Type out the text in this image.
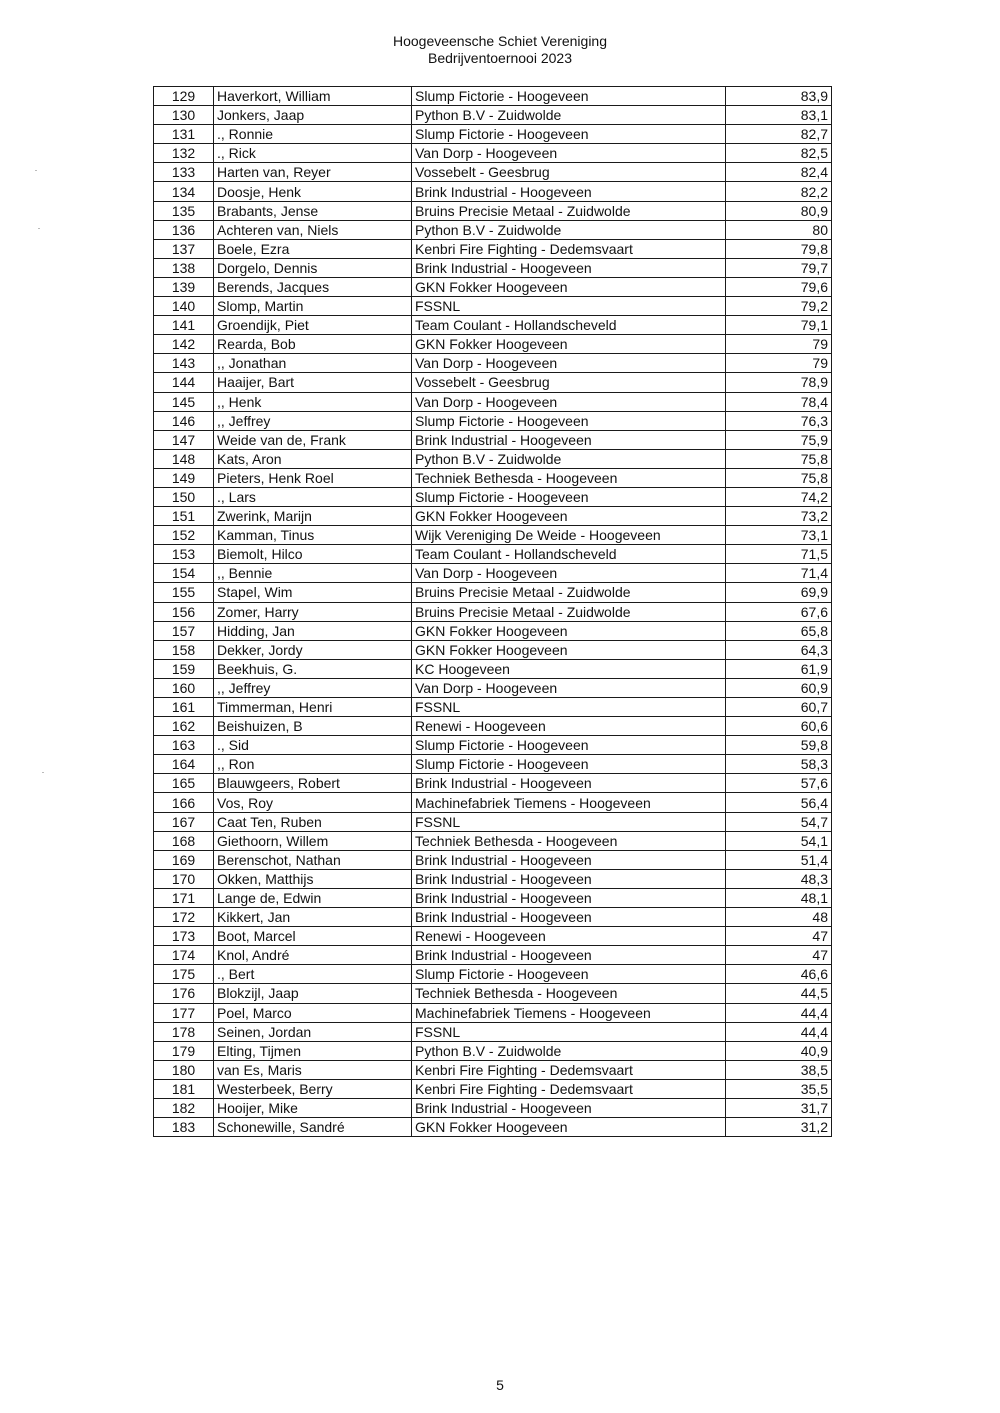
Hoogeveensche Schiet Vereniging
Bedrijventoernooi 2023
129	Haverkort, William	Slump Fictorie - Hoogeveen	83,9
130	Jonkers, Jaap	Python B.V - Zuidwolde	83,1
131	., Ronnie	Slump Fictorie - Hoogeveen	82,7
132	., Rick	Van Dorp - Hoogeveen	82,5
133	Harten van, Reyer	Vossebelt - Geesbrug	82,4
134	Doosje, Henk	Brink Industrial - Hoogeveen	82,2
135	Brabants, Jense	Bruins Precisie Metaal - Zuidwolde	80,9
136	Achteren van, Niels	Python B.V - Zuidwolde	80
137	Boele, Ezra	Kenbri Fire Fighting - Dedemsvaart	79,8
138	Dorgelo, Dennis	Brink Industrial - Hoogeveen	79,7
139	Berends, Jacques	GKN Fokker Hoogeveen	79,6
140	Slomp, Martin	FSSNL	79,2
141	Groendijk, Piet	Team Coulant - Hollandscheveld	79,1
142	Rearda, Bob	GKN Fokker Hoogeveen	79
143	,, Jonathan	Van Dorp - Hoogeveen	79
144	Haaijer, Bart	Vossebelt - Geesbrug	78,9
145	,, Henk	Van Dorp - Hoogeveen	78,4
146	,, Jeffrey	Slump Fictorie - Hoogeveen	76,3
147	Weide van de, Frank	Brink Industrial - Hoogeveen	75,9
148	Kats, Aron	Python B.V - Zuidwolde	75,8
149	Pieters, Henk Roel	Techniek Bethesda - Hoogeveen	75,8
150	., Lars	Slump Fictorie - Hoogeveen	74,2
151	Zwerink, Marijn	GKN Fokker Hoogeveen	73,2
152	Kamman, Tinus	Wijk Vereniging De Weide - Hoogeveen	73,1
153	Biemolt, Hilco	Team Coulant - Hollandscheveld	71,5
154	,, Bennie	Van Dorp - Hoogeveen	71,4
155	Stapel, Wim	Bruins Precisie Metaal - Zuidwolde	69,9
156	Zomer, Harry	Bruins Precisie Metaal - Zuidwolde	67,6
157	Hidding, Jan	GKN Fokker Hoogeveen	65,8
158	Dekker, Jordy	GKN Fokker Hoogeveen	64,3
159	Beekhuis, G.	KC Hoogeveen	61,9
160	,, Jeffrey	Van Dorp - Hoogeveen	60,9
161	Timmerman, Henri	FSSNL	60,7
162	Beishuizen, B	Renewi - Hoogeveen	60,6
163	., Sid	Slump Fictorie - Hoogeveen	59,8
164	,, Ron	Slump Fictorie - Hoogeveen	58,3
165	Blauwgeers, Robert	Brink Industrial - Hoogeveen	57,6
166	Vos, Roy	Machinefabriek Tiemens - Hoogeveen	56,4
167	Caat Ten, Ruben	FSSNL	54,7
168	Giethoorn, Willem	Techniek Bethesda - Hoogeveen	54,1
169	Berenschot, Nathan	Brink Industrial - Hoogeveen	51,4
170	Okken, Matthijs	Brink Industrial - Hoogeveen	48,3
171	Lange de, Edwin	Brink Industrial - Hoogeveen	48,1
172	Kikkert, Jan	Brink Industrial - Hoogeveen	48
173	Boot, Marcel	Renewi - Hoogeveen	47
174	Knol, André	Brink Industrial - Hoogeveen	47
175	., Bert	Slump Fictorie - Hoogeveen	46,6
176	Blokzijl, Jaap	Techniek Bethesda - Hoogeveen	44,5
177	Poel, Marco	Machinefabriek Tiemens - Hoogeveen	44,4
178	Seinen, Jordan	FSSNL	44,4
179	Elting, Tijmen	Python B.V - Zuidwolde	40,9
180	van Es, Maris	Kenbri Fire Fighting - Dedemsvaart	38,5
181	Westerbeek, Berry	Kenbri Fire Fighting - Dedemsvaart	35,5
182	Hooijer, Mike	Brink Industrial - Hoogeveen	31,7
183	Schonewille, Sandré	GKN Fokker Hoogeveen	31,2
5
